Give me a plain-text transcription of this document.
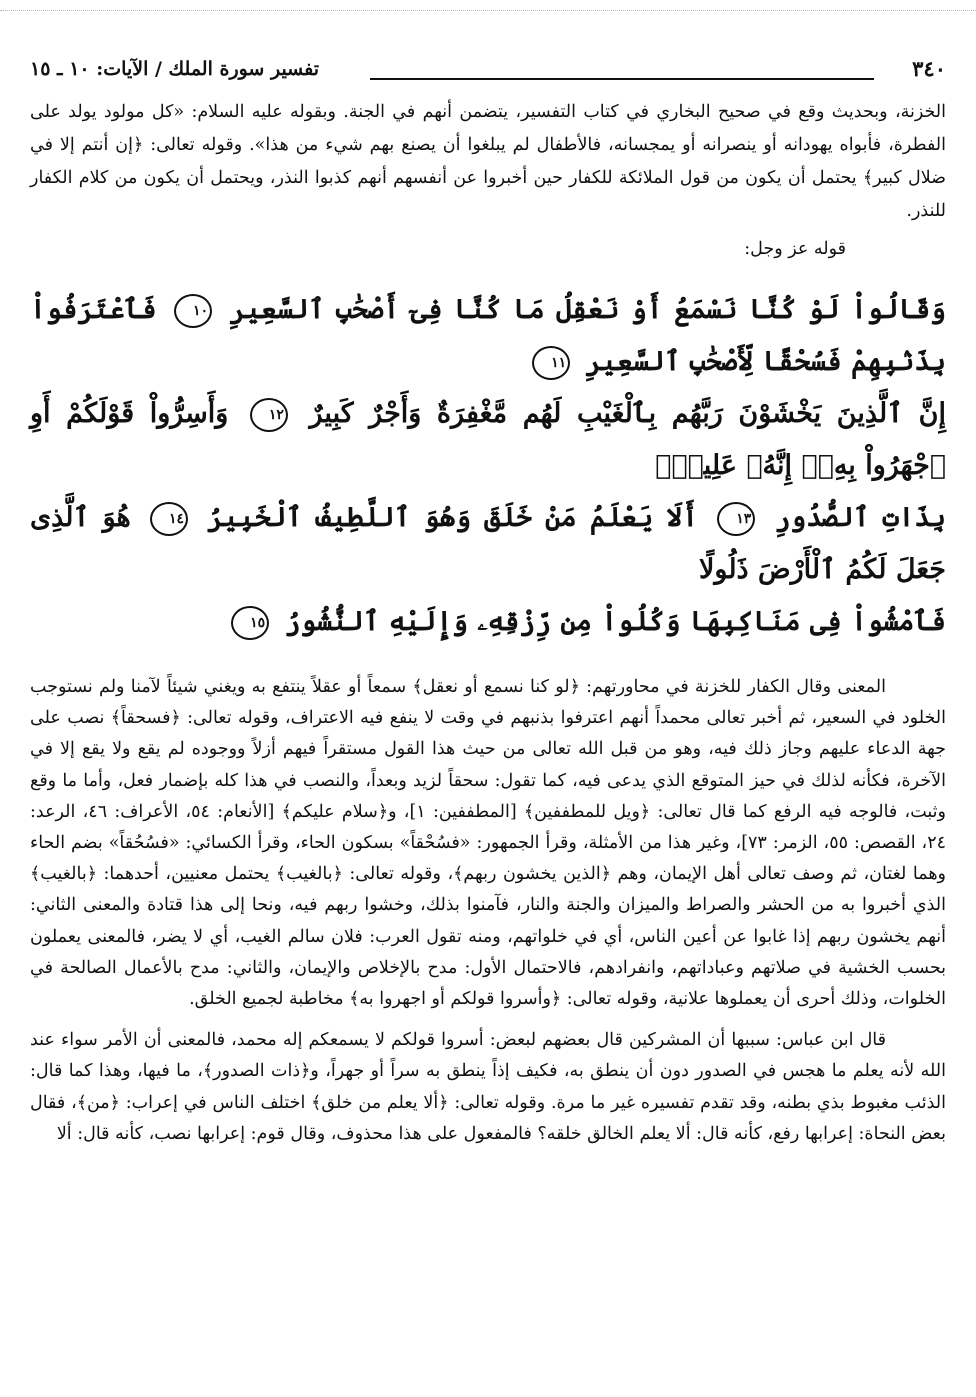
٣٤٠
تفسير سورة الملك / الآيات: ١٠ ـ ١٥

الخزنة، وبحديث وقع في صحيح البخاري في كتاب التفسير، يتضمن أنهم في الجنة. وبقوله عليه السلام: «كل مولود يولد على الفطرة، فأبواه يهودانه أو ينصرانه أو يمجسانه، فالأطفال لم يبلغوا أن يصنع بهم شيء من هذا». وقوله تعالى: ﴿إن أنتم إلا في ضلال كبير﴾ يحتمل أن يكون من قول الملائكة للكفار حين أخبروا عن أنفسهم أنهم كذبوا النذر، ويحتمل أن يكون من كلام الكفار للنذر.

قوله عز وجل:

وَقَالُواْ لَوْ كُنَّا نَسْمَعُ أَوْ نَعْقِلُ مَا كُنَّا فِىٓ أَصْحَٰبِ ٱلسَّعِيرِ ١٠ فَٱعْتَرَفُواْ بِذَنۢبِهِمْ فَسُحْقًا لِّأَصْحَٰبِ ٱلسَّعِيرِ ١١
إِنَّ ٱلَّذِينَ يَخْشَوْنَ رَبَّهُم بِٱلْغَيْبِ لَهُم مَّغْفِرَةٌ وَأَجْرٌ كَبِيرٌ ١٢ وَأَسِرُّواْ قَوْلَكُمْ أَوِ ٱجْهَرُواْ بِهِۦٓ إِنَّهُۥ عَلِيمٌۢ
بِذَاتِ ٱلصُّدُورِ ١٣ أَلَا يَعْلَمُ مَنْ خَلَقَ وَهُوَ ٱللَّطِيفُ ٱلْخَبِيرُ ١٤ هُوَ ٱلَّذِى جَعَلَ لَكُمُ ٱلْأَرْضَ ذَلُولًا
فَٱمْشُواْ فِى مَنَاكِبِهَا وَكُلُواْ مِن رِّزْقِهِۦ وَإِلَيْهِ ٱلنُّشُورُ ١٥

المعنى وقال الكفار للخزنة في محاورتهم: ﴿لو كنا نسمع أو نعقل﴾ سمعاً أو عقلاً ينتفع به ويغني شيئاً لآمنا ولم نستوجب الخلود في السعير، ثم أخبر تعالى محمداً أنهم اعترفوا بذنبهم في وقت لا ينفع فيه الاعتراف، وقوله تعالى: ﴿فسحقاً﴾ نصب على جهة الدعاء عليهم وجاز ذلك فيه، وهو من قبل الله تعالى من حيث هذا القول مستقراً فيهم أزلاً ووجوده لم يقع ولا يقع إلا في الآخرة، فكأنه لذلك في حيز المتوقع الذي يدعى فيه، كما تقول: سحقاً لزيد وبعداً، والنصب في هذا كله بإضمار فعل، وأما ما وقع وثبت، فالوجه فيه الرفع كما قال تعالى: ﴿ويل للمطففين﴾ [المطففين: ١]، و﴿سلام عليكم﴾ [الأنعام: ٥٤، الأعراف: ٤٦، الرعد: ٢٤، القصص: ٥٥، الزمر: ٧٣]، وغير هذا من الأمثلة، وقرأ الجمهور: «فسُحْقاً» بسكون الحاء، وقرأ الكسائي: «فسُحُقاً» بضم الحاء وهما لغتان، ثم وصف تعالى أهل الإيمان، وهم ﴿الذين يخشون ربهم﴾، وقوله تعالى: ﴿بالغيب﴾ يحتمل معنيين، أحدهما: ﴿بالغيب﴾ الذي أخبروا به من الحشر والصراط والميزان والجنة والنار، فآمنوا بذلك، وخشوا ربهم فيه، ونحا إلى هذا قتادة والمعنى الثاني: أنهم يخشون ربهم إذا غابوا عن أعين الناس، أي في خلواتهم، ومنه تقول العرب: فلان سالم الغيب، أي لا يضر، فالمعنى يعملون بحسب الخشية في صلاتهم وعباداتهم، وانفرادهم، فالاحتمال الأول: مدح بالإخلاص والإيمان، والثاني: مدح بالأعمال الصالحة في الخلوات، وذلك أحرى أن يعملوها علانية، وقوله تعالى: ﴿وأسروا قولكم أو اجهروا به﴾ مخاطبة لجميع الخلق.

قال ابن عباس: سببها أن المشركين قال بعضهم لبعض: أسروا قولكم لا يسمعكم إله محمد، فالمعنى أن الأمر سواء عند الله لأنه يعلم ما هجس في الصدور دون أن ينطق به، فكيف إذاً ينطق به سراً أو جهراً، و﴿ذات الصدور﴾، ما فيها، وهذا كما قال: الذئب مغبوط بذي بطنه، وقد تقدم تفسيره غير ما مرة. وقوله تعالى: ﴿ألا يعلم من خلق﴾ اختلف الناس في إعراب: ﴿من﴾، فقال بعض النحاة: إعرابها رفع، كأنه قال: ألا يعلم الخالق خلقه؟ فالمفعول على هذا محذوف، وقال قوم: إعرابها نصب، كأنه قال: ألا
